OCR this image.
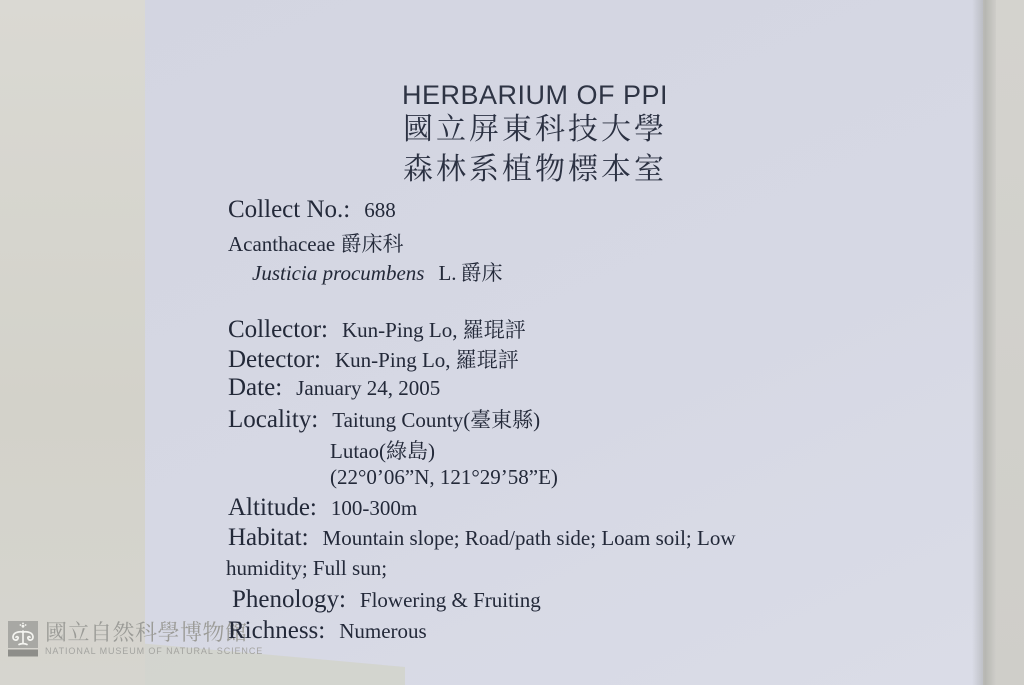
國立自然科學博物館
NATIONAL MUSEUM OF NATURAL SCIENCE
HERBARIUM OF PPI
國立屏東科技大學
森林系植物標本室
Collect No.: 688
Acanthaceae 爵床科
Justicia procumbens L. 爵床
Collector: Kun-Ping Lo, 羅琨評
Detector: Kun-Ping Lo, 羅琨評
Date: January 24, 2005
Locality: Taitung County(臺東縣)
Lutao(綠島)
(22°0’06”N, 121°29’58”E)
Altitude: 100-300m
Habitat: Mountain slope; Road/path side; Loam soil; Low
humidity; Full sun;
Phenology: Flowering & Fruiting
Richness: Numerous
